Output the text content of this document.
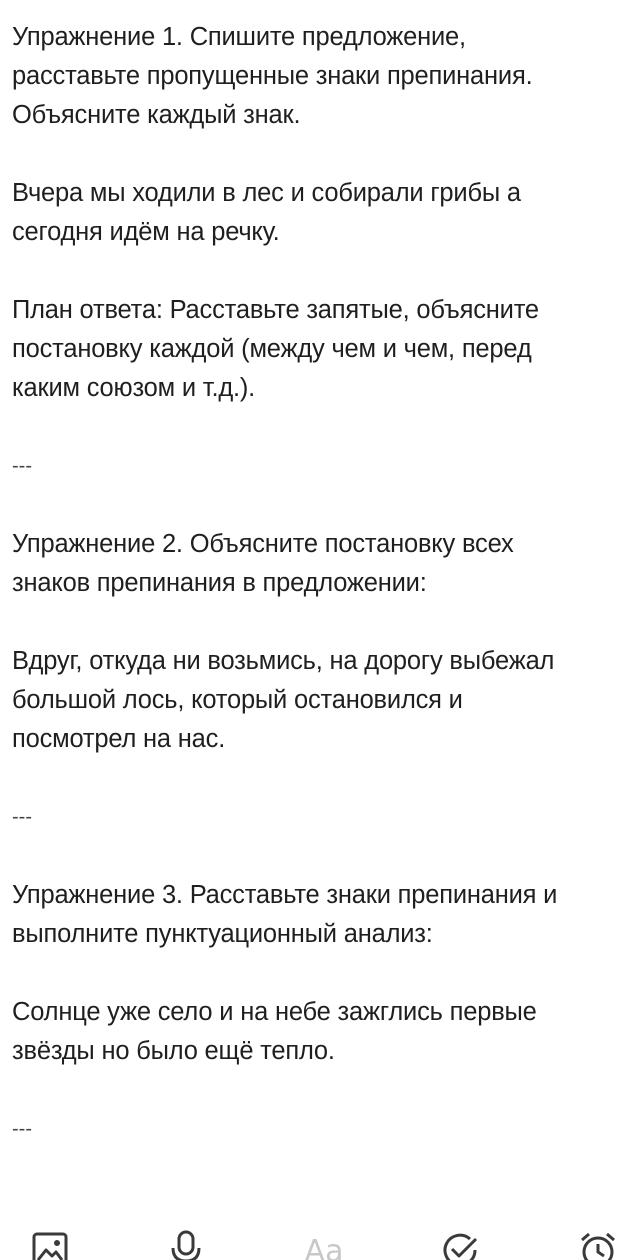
Упражнение 1. Спишите предложение,
расставьте пропущенные знаки препинания.
Объясните каждый знак.

Вчера мы ходили в лес и собирали грибы а
сегодня идём на речку.

План ответа: Расставьте запятые, объясните
постановку каждой (между чем и чем, перед
каким союзом и т.д.).

---

Упражнение 2. Объясните постановку всех
знаков препинания в предложении:

Вдруг, откуда ни возьмись, на дорогу выбежал
большой лось, который остановился и
посмотрел на нас.

---

Упражнение 3. Расставьте знаки препинания и
выполните пунктуационный анализ:

Солнце уже село и на небе зажглись первые
звёзды но было ещё тепло.

---

Aa
